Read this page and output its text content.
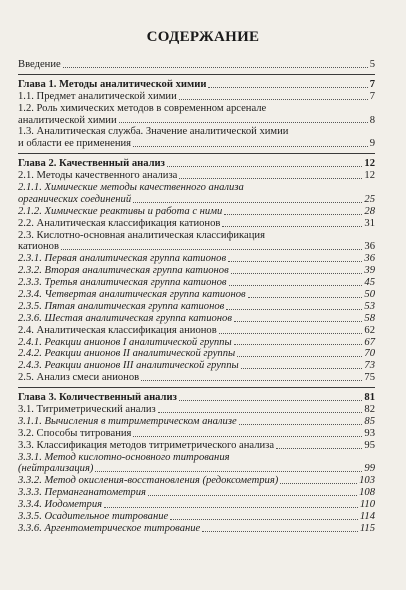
СОДЕРЖАНИЕ
Введение	5
Глава 1. Методы аналитической химии	7
1.1. Предмет аналитической химии	7
1.2. Роль химических методов в современном арсенале
аналитической химии	8
1.3. Аналитическая служба. Значение аналитической химии
и области ее применения	9
Глава 2. Качественный анализ	12
2.1. Методы качественного анализа	12
2.1.1. Химические методы качественного анализа
органических соединений	25
2.1.2. Химические реактивы и работа с ними	28
2.2. Аналитическая классификация катионов	31
2.3. Кислотно-основная аналитическая классификация
катионов	36
2.3.1. Первая аналитическая группа катионов	36
2.3.2. Вторая аналитическая группа катионов	39
2.3.3. Третья аналитическая группа катионов	45
2.3.4. Четвертая аналитическая группа катионов	50
2.3.5. Пятая аналитическая группа катионов	53
2.3.6. Шестая аналитическая группа катионов	58
2.4. Аналитическая классификация анионов	62
2.4.1. Реакции анионов I аналитической группы	67
2.4.2. Реакции анионов II аналитической группы	70
2.4.3. Реакции анионов III аналитической группы	73
2.5. Анализ смеси анионов	75
Глава 3. Количественный анализ	81
3.1. Титриметрический анализ	82
3.1.1. Вычисления в титриметрическом анализе	85
3.2. Способы титрования	93
3.3. Классификация методов титриметрического анализа	95
3.3.1. Метод кислотно-основного титрования
(нейтрализация)	99
3.3.2. Метод окисления-восстановления (редоксометрия)	103
3.3.3. Перманганатометрия	108
3.3.4. Иодометрия	110
3.3.5. Осадительное титрование	114
3.3.6. Аргентометрическое титрование	115
